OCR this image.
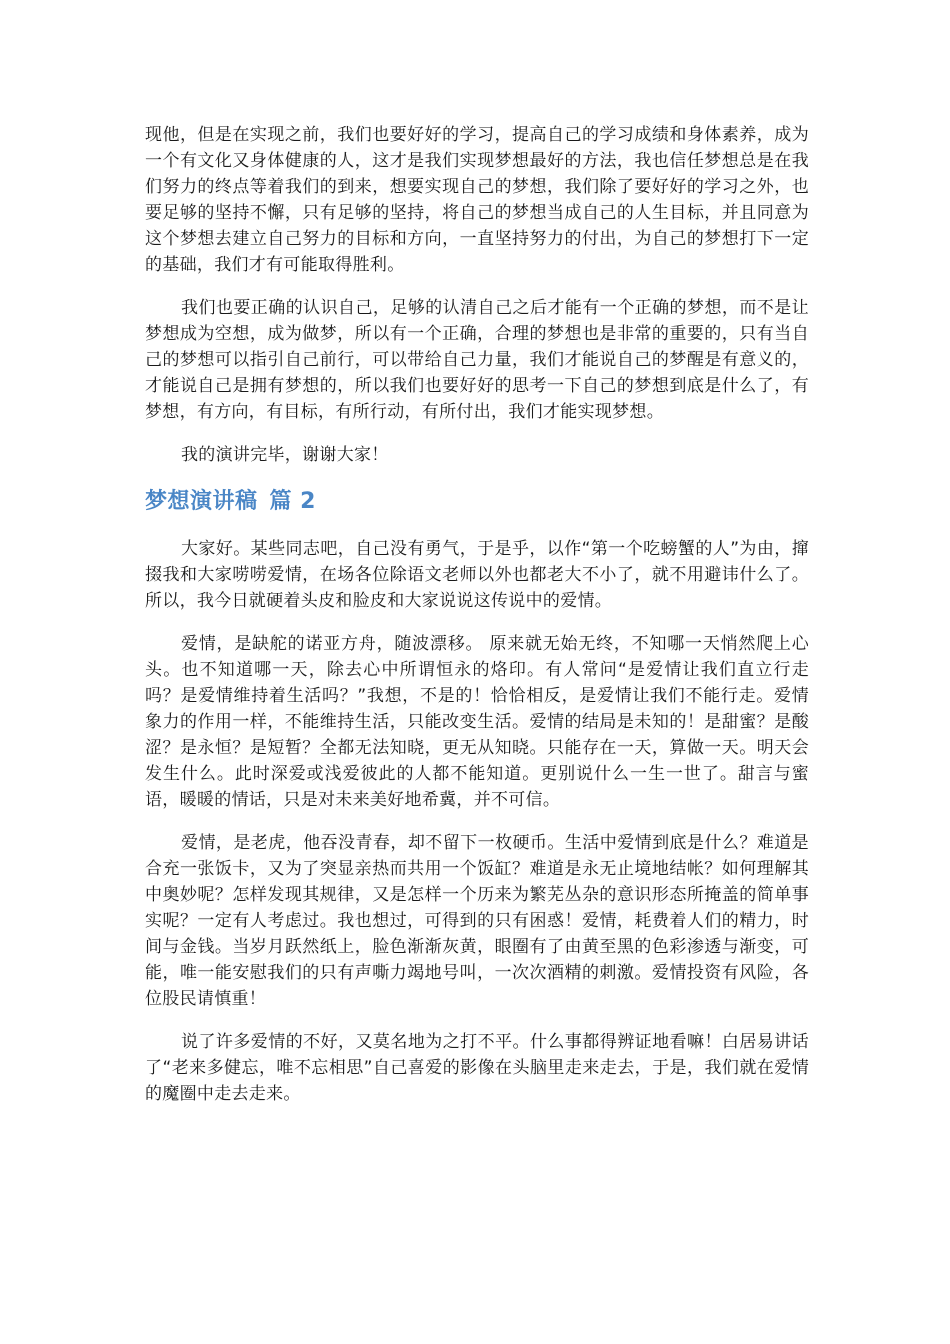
现他，但是在实现之前，我们也要好好的学习，提高自己的学习成绩和身体素养，成为一个有文化又身体健康的人，这才是我们实现梦想最好的方法，我也信任梦想总是在我们努力的终点等着我们的到来，想要实现自己的梦想，我们除了要好好的学习之外，也要足够的坚持不懈，只有足够的坚持，将自己的梦想当成自己的人生目标，并且同意为这个梦想去建立自己努力的目标和方向，一直坚持努力的付出，为自己的梦想打下一定的基础，我们才有可能取得胜利。

我们也要正确的认识自己，足够的认清自己之后才能有一个正确的梦想，而不是让梦想成为空想，成为做梦，所以有一个正确，合理的梦想也是非常的重要的，只有当自己的梦想可以指引自己前行，可以带给自己力量，我们才能说自己的梦醒是有意义的，才能说自己是拥有梦想的，所以我们也要好好的思考一下自己的梦想到底是什么了，有梦想，有方向，有目标，有所行动，有所付出，我们才能实现梦想。

我的演讲完毕，谢谢大家！

梦想演讲稿 篇 2

大家好。某些同志吧，自己没有勇气，于是乎，以作“第一个吃螃蟹的人”为由，撺掇我和大家唠唠爱情，在场各位除语文老师以外也都老大不小了，就不用避讳什么了。所以，我今日就硬着头皮和脸皮和大家说说这传说中的爱情。

爱情，是缺舵的诺亚方舟，随波漂移。 原来就无始无终，不知哪一天悄然爬上心头。也不知道哪一天，除去心中所谓恒永的烙印。有人常问“是爱情让我们直立行走吗？是爱情维持着生活吗？”我想，不是的！恰恰相反，是爱情让我们不能行走。爱情象力的作用一样，不能维持生活，只能改变生活。爱情的结局是未知的！是甜蜜？是酸涩？是永恒？是短暂？全都无法知晓，更无从知晓。只能存在一天，算做一天。明天会发生什么。此时深爱或浅爱彼此的人都不能知道。更别说什么一生一世了。甜言与蜜语，暖暖的情话，只是对未来美好地希冀，并不可信。

爱情，是老虎，他吞没青春，却不留下一枚硬币。生活中爱情到底是什么？难道是合充一张饭卡，又为了突显亲热而共用一个饭缸？难道是永无止境地结帐？如何理解其中奥妙呢？怎样发现其规律，又是怎样一个历来为繁芜丛杂的意识形态所掩盖的简单事实呢？一定有人考虑过。我也想过，可得到的只有困惑！爱情，耗费着人们的精力，时间与金钱。当岁月跃然纸上，脸色渐渐灰黄，眼圈有了由黄至黑的色彩渗透与渐变，可能，唯一能安慰我们的只有声嘶力竭地号叫，一次次酒精的刺激。爱情投资有风险，各位股民请慎重！

说了许多爱情的不好，又莫名地为之打不平。什么事都得辨证地看嘛！白居易讲话了“老来多健忘，唯不忘相思”自己喜爱的影像在头脑里走来走去，于是，我们就在爱情的魔圈中走去走来。
